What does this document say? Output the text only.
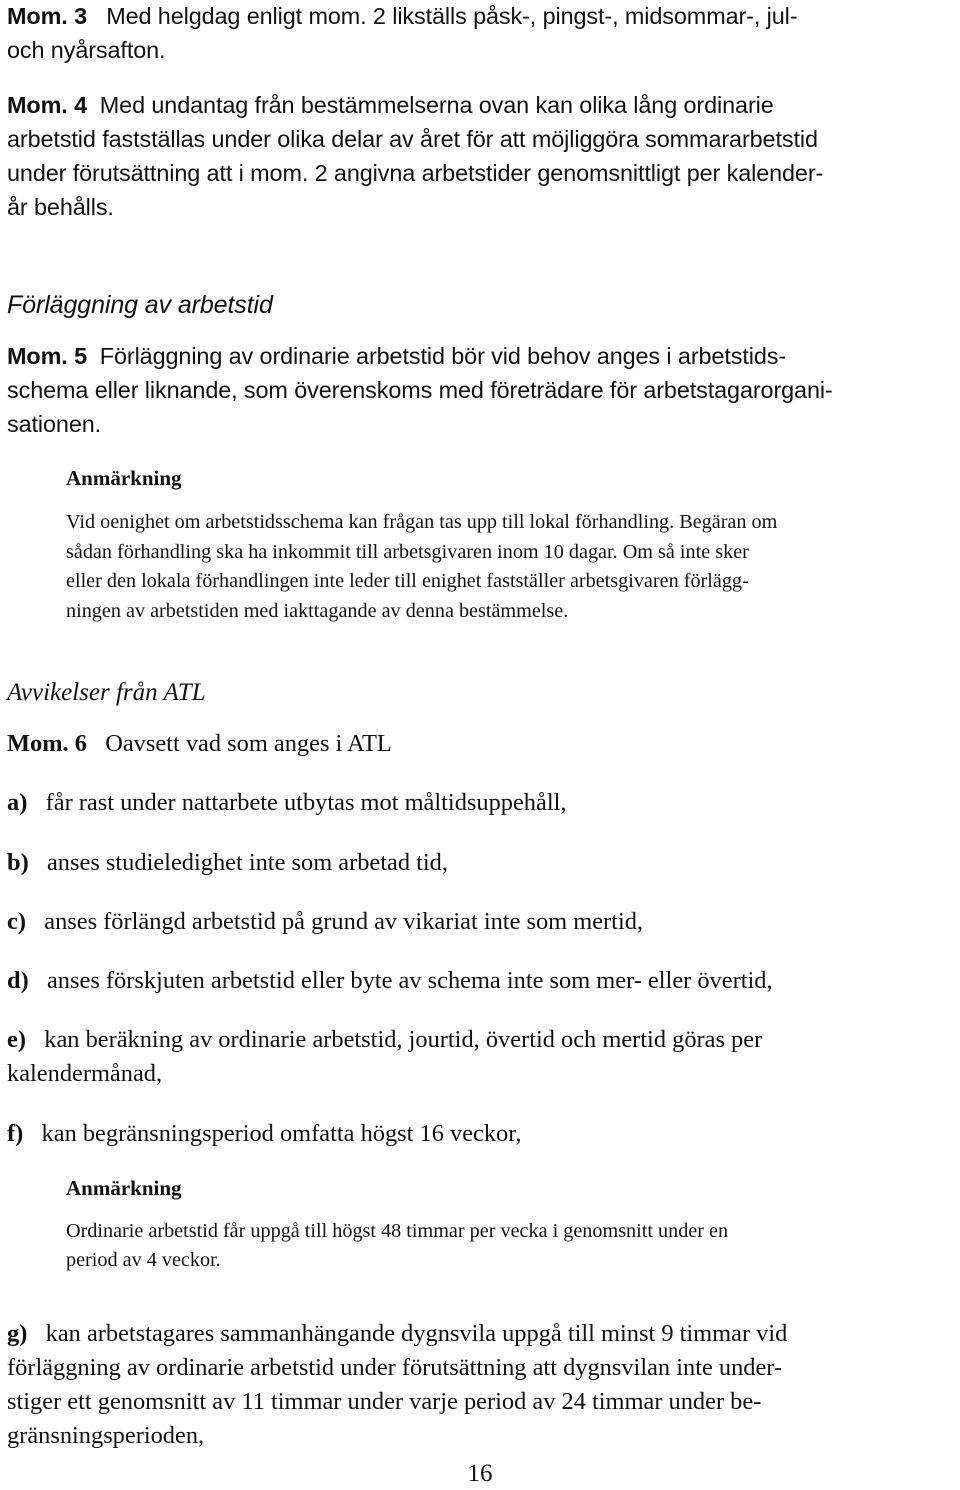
Mom. 3 Med helgdag enligt mom. 2 likställs påsk-, pingst-, midsommar-, jul-

och nyårsafton.

Mom. 4 Med undantag från bestämmelserna ovan kan olika lång ordinarie

arbetstid fastställas under olika delar av året för att möjliggöra sommararbetstid

under förutsättning att i mom. 2 angivna arbetstider genomsnittligt per kalender-

år behålls.

Förläggning av arbetstid

Mom. 5 Förläggning av ordinarie arbetstid bör vid behov anges i arbetstids-

schema eller liknande, som överenskoms med företrädare för arbetstagarorgani-

sationen.

Anmärkning

Vid oenighet om arbetstidsschema kan frågan tas upp till lokal förhandling. Begäran om

sådan förhandling ska ha inkommit till arbetsgivaren inom 10 dagar. Om så inte sker

eller den lokala förhandlingen inte leder till enighet fastställer arbetsgivaren förlägg-

ningen av arbetstiden med iakttagande av denna bestämmelse.

Avvikelser från ATL

Mom. 6 Oavsett vad som anges i ATL

a) får rast under nattarbete utbytas mot måltidsuppehåll,

b) anses studieledighet inte som arbetad tid,

c) anses förlängd arbetstid på grund av vikariat inte som mertid,

d) anses förskjuten arbetstid eller byte av schema inte som mer- eller övertid,

e) kan beräkning av ordinarie arbetstid, jourtid, övertid och mertid göras per

kalendermånad,

f) kan begränsningsperiod omfatta högst 16 veckor,

Anmärkning

Ordinarie arbetstid får uppgå till högst 48 timmar per vecka i genomsnitt under en

period av 4 veckor.

g) kan arbetstagares sammanhängande dygnsvila uppgå till minst 9 timmar vid

förläggning av ordinarie arbetstid under förutsättning att dygnsvilan inte under-

stiger ett genomsnitt av 11 timmar under varje period av 24 timmar under be-

gränsningsperioden,

16
